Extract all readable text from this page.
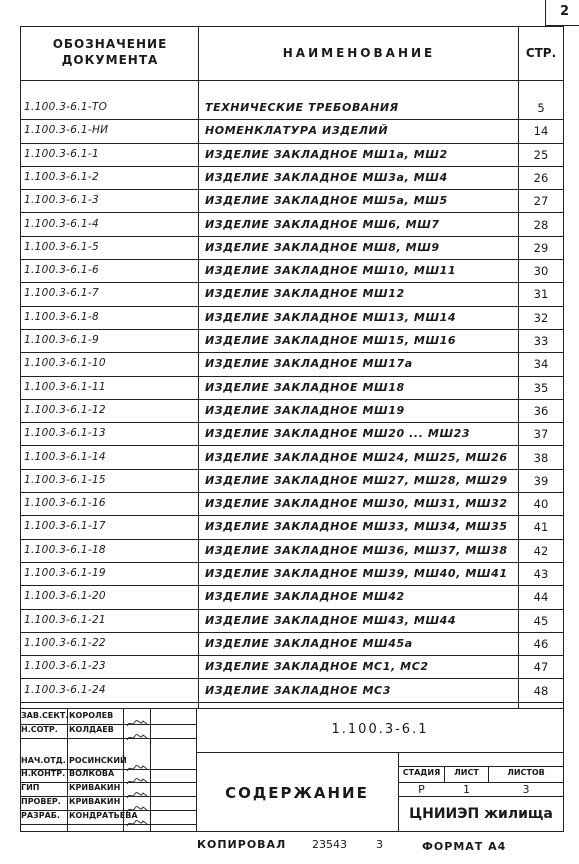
2
ОБОЗНАЧЕНИЕ ДОКУМЕНТА	НАИМЕНОВАНИЕ	СТР.
1.100.3-6.1-ТО	ТЕХНИЧЕСКИЕ ТРЕБОВАНИЯ	5
1.100.3-6.1-НИ	НОМЕНКЛАТУРА ИЗДЕЛИЙ	14
1.100.3-6.1-1	ИЗДЕЛИЕ ЗАКЛАДНОЕ МШ1а, МШ2	25
1.100.3-6.1-2	ИЗДЕЛИЕ ЗАКЛАДНОЕ МШ3а, МШ4	26
1.100.3-6.1-3	ИЗДЕЛИЕ ЗАКЛАДНОЕ МШ5а, МШ5	27
1.100.3-6.1-4	ИЗДЕЛИЕ ЗАКЛАДНОЕ МШ6, МШ7	28
1.100.3-6.1-5	ИЗДЕЛИЕ ЗАКЛАДНОЕ МШ8, МШ9	29
1.100.3-6.1-6	ИЗДЕЛИЕ ЗАКЛАДНОЕ МШ10, МШ11	30
1.100.3-6.1-7	ИЗДЕЛИЕ ЗАКЛАДНОЕ МШ12	31
1.100.3-6.1-8	ИЗДЕЛИЕ ЗАКЛАДНОЕ МШ13, МШ14	32
1.100.3-6.1-9	ИЗДЕЛИЕ ЗАКЛАДНОЕ МШ15, МШ16	33
1.100.3-6.1-10	ИЗДЕЛИЕ ЗАКЛАДНОЕ МШ17а	34
1.100.3-6.1-11	ИЗДЕЛИЕ ЗАКЛАДНОЕ МШ18	35
1.100.3-6.1-12	ИЗДЕЛИЕ ЗАКЛАДНОЕ МШ19	36
1.100.3-6.1-13	ИЗДЕЛИЕ ЗАКЛАДНОЕ МШ20 ... МШ23	37
1.100.3-6.1-14	ИЗДЕЛИЕ ЗАКЛАДНОЕ МШ24, МШ25, МШ26	38
1.100.3-6.1-15	ИЗДЕЛИЕ ЗАКЛАДНОЕ МШ27, МШ28, МШ29	39
1.100.3-6.1-16	ИЗДЕЛИЕ ЗАКЛАДНОЕ МШ30, МШ31, МШ32	40
1.100.3-6.1-17	ИЗДЕЛИЕ ЗАКЛАДНОЕ МШ33, МШ34, МШ35	41
1.100.3-6.1-18	ИЗДЕЛИЕ ЗАКЛАДНОЕ МШ36, МШ37, МШ38	42
1.100.3-6.1-19	ИЗДЕЛИЕ ЗАКЛАДНОЕ МШ39, МШ40, МШ41	43
1.100.3-6.1-20	ИЗДЕЛИЕ ЗАКЛАДНОЕ МШ42	44
1.100.3-6.1-21	ИЗДЕЛИЕ ЗАКЛАДНОЕ МШ43, МШ44	45
1.100.3-6.1-22	ИЗДЕЛИЕ ЗАКЛАДНОЕ МШ45а	46
1.100.3-6.1-23	ИЗДЕЛИЕ ЗАКЛАДНОЕ МС1, МС2	47
1.100.3-6.1-24	ИЗДЕЛИЕ ЗАКЛАДНОЕ МС3	48
ЗАВ.СЕКТ. КОРОЛЕВ
Н.СОТР.	КОЛДАЕВ
НАЧ.ОТД. РОСИНСКИЙ
Н.КОНТР. ВОЛКОВА
ГИП	КРИВАКИН
ПРОВЕР.	КРИВАКИН
РАЗРАБ.	КОНДРАТЬЕВА
1.100.3-6.1
СОДЕРЖАНИЕ
СТАДИЯ	ЛИСТ	ЛИСТОВ
Р	1	3
ЦНИИЭП жилища
КОПИРОВАЛ 23543	3	ФОРМАТ А4
